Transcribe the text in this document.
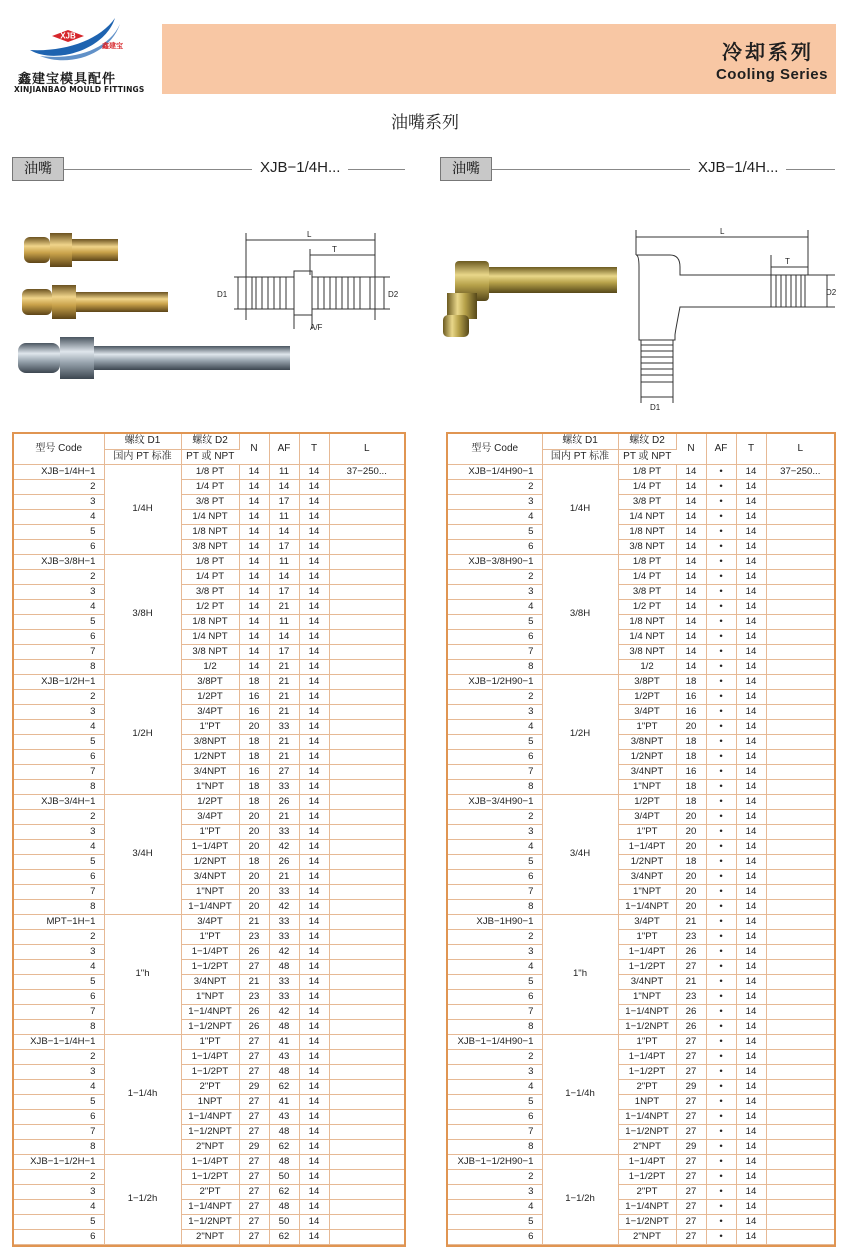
XJB
鑫建宝
鑫建宝模具配件
XINJIANBAO MOULD FITTINGS
冷却系列
Cooling Series
油嘴系列
油嘴	XJB−1/4H...	油嘴	XJB−1/4H...
L
T
D1	D2
A/F
L
T
D2
D1
型号 Code	螺纹 D1	螺纹 D2	N	AF	T	L
	国内 PT 标准	PT 或 NPT				
XJB−1/4H−1	1/4H	1/8 PT	14	11	14	37−250...
2		1/4 PT	14	14	14	
3		3/8 PT	14	17	14	
4		1/4 NPT	14	11	14	
5		1/8 NPT	14	14	14	
6		3/8 NPT	14	17	14	
XJB−3/8H−1	3/8H	1/8 PT	14	11	14	
2		1/4 PT	14	14	14	
3		3/8 PT	14	17	14	
4		1/2 PT	14	21	14	
5		1/8 NPT	14	11	14	
6		1/4 NPT	14	14	14	
7		3/8 NPT	14	17	14	
8		1/2	14	21	14	
XJB−1/2H−1	1/2H	3/8PT	18	21	14	
2		1/2PT	16	21	14	
3		3/4PT	16	21	14	
4		1"PT	20	33	14	
5		3/8NPT	18	21	14	
6		1/2NPT	18	21	14	
7		3/4NPT	16	27	14	
8		1"NPT	18	33	14	
XJB−3/4H−1	3/4H	1/2PT	18	26	14	
2		3/4PT	20	21	14	
3		1"PT	20	33	14	
4		1−1/4PT	20	42	14	
5		1/2NPT	18	26	14	
6		3/4NPT	20	21	14	
7		1"NPT	20	33	14	
8		1−1/4NPT	20	42	14	
MPT−1H−1	1"h	3/4PT	21	33	14	
2		1"PT	23	33	14	
3		1−1/4PT	26	42	14	
4		1−1/2PT	27	48	14	
5		3/4NPT	21	33	14	
6		1"NPT	23	33	14	
7		1−1/4NPT	26	42	14	
8		1−1/2NPT	26	48	14	
XJB−1−1/4H−1	1−1/4h	1"PT	27	41	14	
2		1−1/4PT	27	43	14	
3		1−1/2PT	27	48	14	
4		2"PT	29	62	14	
5		1NPT	27	41	14	
6		1−1/4NPT	27	43	14	
7		1−1/2NPT	27	48	14	
8		2"NPT	29	62	14	
XJB−1−1/2H−1	1−1/2h	1−1/4PT	27	48	14	
2		1−1/2PT	27	50	14	
3		2"PT	27	62	14	
4		1−1/4NPT	27	48	14	
5		1−1/2NPT	27	50	14	
6		2"NPT	27	62	14	
型号 Code	螺纹 D1	螺纹 D2	N	AF	T	L
	国内 PT 标准	PT 或 NPT				
XJB−1/4H90−1	1/4H	1/8 PT	14	•	14	37−250...
2		1/4 PT	14	•	14	
3		3/8 PT	14	•	14	
4		1/4 NPT	14	•	14	
5		1/8 NPT	14	•	14	
6		3/8 NPT	14	•	14	
XJB−3/8H90−1	3/8H	1/8 PT	14	•	14	
2		1/4 PT	14	•	14	
3		3/8 PT	14	•	14	
4		1/2 PT	14	•	14	
5		1/8 NPT	14	•	14	
6		1/4 NPT	14	•	14	
7		3/8 NPT	14	•	14	
8		1/2	14	•	14	
XJB−1/2H90−1	1/2H	3/8PT	18	•	14	
2		1/2PT	16	•	14	
3		3/4PT	16	•	14	
4		1"PT	20	•	14	
5		3/8NPT	18	•	14	
6		1/2NPT	18	•	14	
7		3/4NPT	16	•	14	
8		1"NPT	18	•	14	
XJB−3/4H90−1	3/4H	1/2PT	18	•	14	
2		3/4PT	20	•	14	
3		1"PT	20	•	14	
4		1−1/4PT	20	•	14	
5		1/2NPT	18	•	14	
6		3/4NPT	20	•	14	
7		1"NPT	20	•	14	
8		1−1/4NPT	20	•	14	
XJB−1H90−1	1"h	3/4PT	21	•	14	
2		1"PT	23	•	14	
3		1−1/4PT	26	•	14	
4		1−1/2PT	27	•	14	
5		3/4NPT	21	•	14	
6		1"NPT	23	•	14	
7		1−1/4NPT	26	•	14	
8		1−1/2NPT	26	•	14	
XJB−1−1/4H90−1	1−1/4h	1"PT	27	•	14	
2		1−1/4PT	27	•	14	
3		1−1/2PT	27	•	14	
4		2"PT	29	•	14	
5		1NPT	27	•	14	
6		1−1/4NPT	27	•	14	
7		1−1/2NPT	27	•	14	
8		2"NPT	29	•	14	
XJB−1−1/2H90−1	1−1/2h	1−1/4PT	27	•	14	
2		1−1/2PT	27	•	14	
3		2"PT	27	•	14	
4		1−1/4NPT	27	•	14	
5		1−1/2NPT	27	•	14	
6		2"NPT	27	•	14	
